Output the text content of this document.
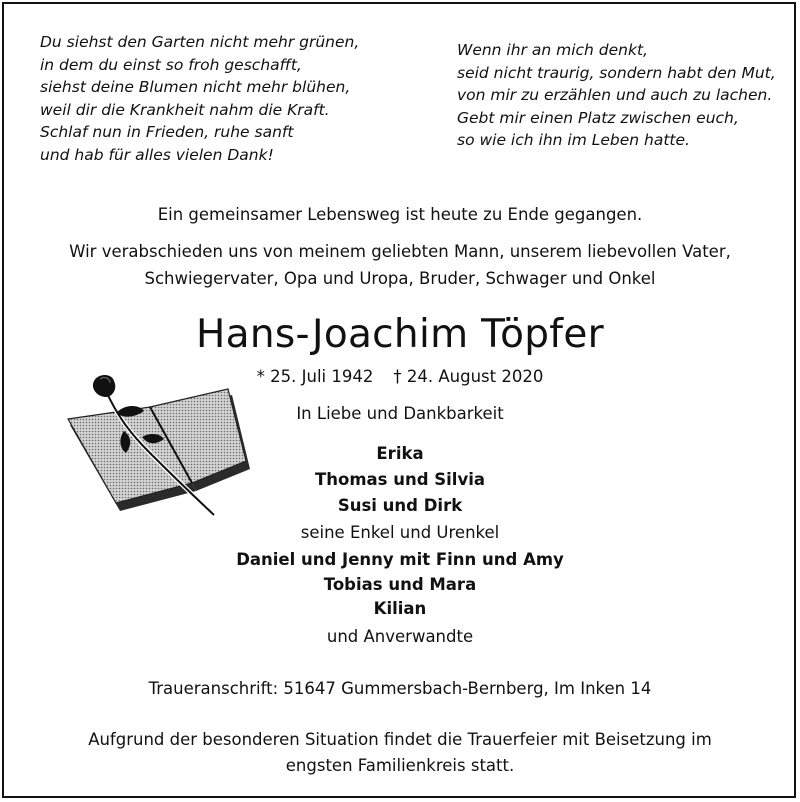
Du siehst den Garten nicht mehr grünen,
in dem du einst so froh geschafft,
siehst deine Blumen nicht mehr blühen,
weil dir die Krankheit nahm die Kraft.
Schlaf nun in Frieden, ruhe sanft
und hab für alles vielen Dank!
Wenn ihr an mich denkt,
seid nicht traurig, sondern habt den Mut,
von mir zu erzählen und auch zu lachen.
Gebt mir einen Platz zwischen euch,
so wie ich ihn im Leben hatte.
Ein gemeinsamer Lebensweg ist heute zu Ende gegangen.
Wir verabschieden uns von meinem geliebten Mann, unserem liebevollen Vater,
Schwiegervater, Opa und Uropa, Bruder, Schwager und Onkel
Hans-Joachim Töpfer
* 25. Juli 1942 † 24. August 2020
In Liebe und Dankbarkeit
Erika
Thomas und Silvia
Susi und Dirk
seine Enkel und Urenkel
Daniel und Jenny mit Finn und Amy
Tobias und Mara
Kilian
und Anverwandte
Traueranschrift: 51647 Gummersbach-Bernberg, Im Inken 14
Aufgrund der besonderen Situation findet die Trauerfeier mit Beisetzung im
engsten Familienkreis statt.
